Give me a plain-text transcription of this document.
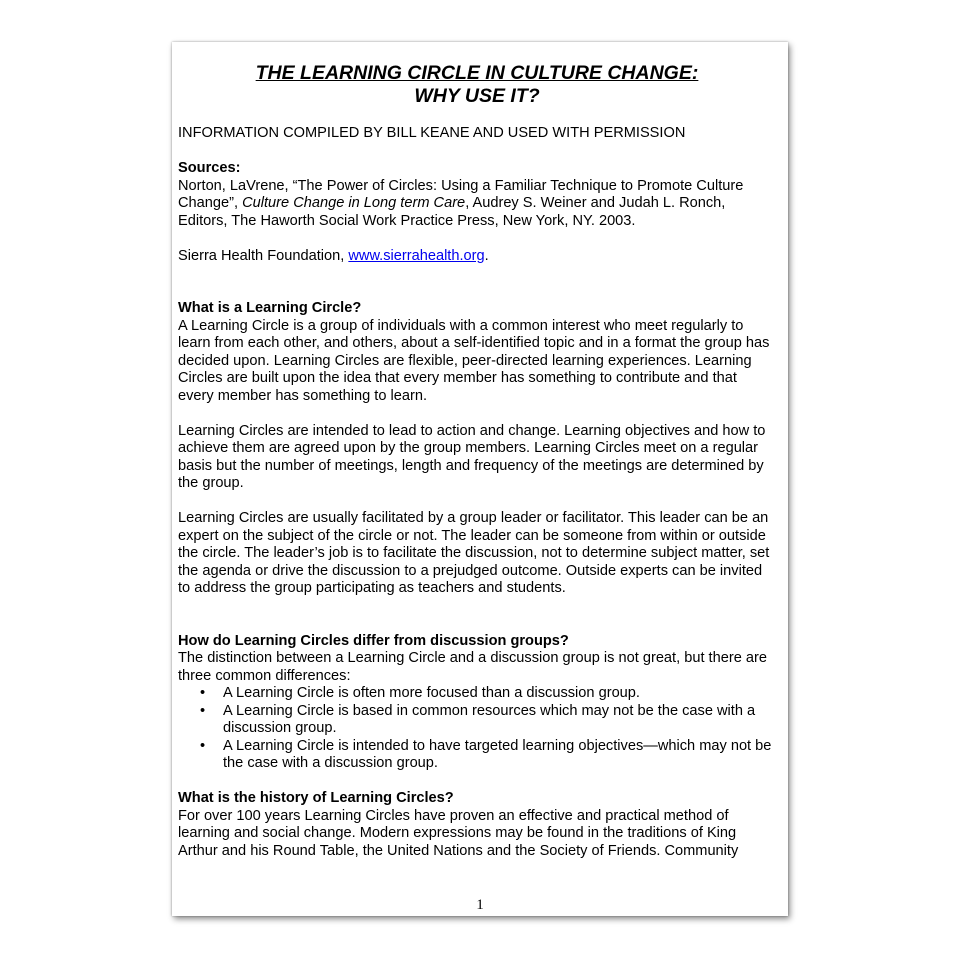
THE LEARNING CIRCLE IN CULTURE CHANGE:

WHY USE IT?

INFORMATION COMPILED BY BILL KEANE AND USED WITH PERMISSION

Sources:

Norton, LaVrene, “The Power of Circles: Using a Familiar Technique to Promote Culture Change”, Culture Change in Long term Care, Audrey S. Weiner and Judah L. Ronch, Editors, The Haworth Social Work Practice Press, New York, NY. 2003.

Sierra Health Foundation, www.sierrahealth.org.

What is a Learning Circle?

A Learning Circle is a group of individuals with a common interest who meet regularly to learn from each other, and others, about a self-identified topic and in a format the group has decided upon. Learning Circles are flexible, peer-directed learning experiences. Learning Circles are built upon the idea that every member has something to contribute and that every member has something to learn.

Learning Circles are intended to lead to action and change. Learning objectives and how to achieve them are agreed upon by the group members. Learning Circles meet on a regular basis but the number of meetings, length and frequency of the meetings are determined by the group.

Learning Circles are usually facilitated by a group leader or facilitator. This leader can be an expert on the subject of the circle or not. The leader can be someone from within or outside the circle. The leader’s job is to facilitate the discussion, not to determine subject matter, set the agenda or drive the discussion to a prejudged outcome. Outside experts can be invited to address the group participating as teachers and students.

How do Learning Circles differ from discussion groups?

The distinction between a Learning Circle and a discussion group is not great, but there are three common differences:

• A Learning Circle is often more focused than a discussion group.
• A Learning Circle is based in common resources which may not be the case with a discussion group.
• A Learning Circle is intended to have targeted learning objectives—which may not be the case with a discussion group.

What is the history of Learning Circles?

For over 100 years Learning Circles have proven an effective and practical method of learning and social change. Modern expressions may be found in the traditions of King Arthur and his Round Table, the United Nations and the Society of Friends. Community

1
